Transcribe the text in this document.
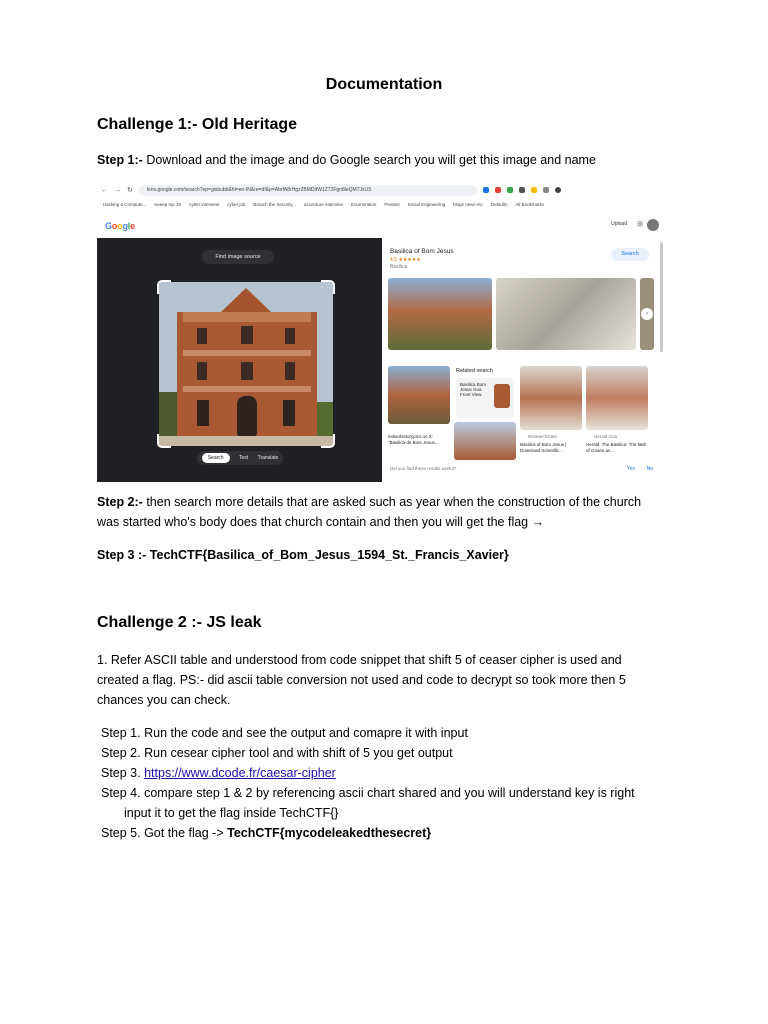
Documentation
Challenge 1:- Old Heritage
Step 1:- Download and the image and do Google search you will get this image and name
← → ↻	lens.google.com/search?ep=gisbubb&hl=en-IN&re=df&p=AbrfA8rHgz2BMDdW1Z72Fgn8leQM7JxUS
Hacking a Compute... sweep top 10 cyber interview cyber job Breach the Security... accenture interview Enumeration Pentest Social Engineering blogs news etc Defaults All Bookmarks
Google	Upload ⊞
Find image source
Search	Text Translate
Basilica of Bom Jesus
4.5 ★★★★★
Basilica
Search
›
Related search
Basilica Bom Jesus Goa Front View
indianhistorypics on X: "Basilica de Bom Jesus...
ResearchGate
Basilica of Bom Jesus | Download Scientific...
Herald Goa
Herald: The Basilica: The faith of Goans an...
Did you find these results useful?	Yes No
Step 2:- then search more details that are asked such as year when the construction of the church was started who's body does that church contain and then you will get the flag →
Step 3 :- TechCTF{Basilica_of_Bom_Jesus_1594_St._Francis_Xavier}
Challenge 2 :- JS leak
1. Refer ASCII table and understood from code snippet that shift 5 of ceaser cipher is used and created a flag. PS:- did ascii table conversion not used and code to decrypt so took more then 5 chances you can check.
Step 1. Run the code and see the output and comapre it with input
Step 2. Run cesear cipher tool and with shift of 5 you get output
Step 3. https://www.dcode.fr/caesar-cipher
Step 4. compare step 1 & 2 by referencing ascii chart shared and you will understand key is right
input it to get the flag inside TechCTF{}
Step 5. Got the flag -> TechCTF{mycodeleakedthesecret}
